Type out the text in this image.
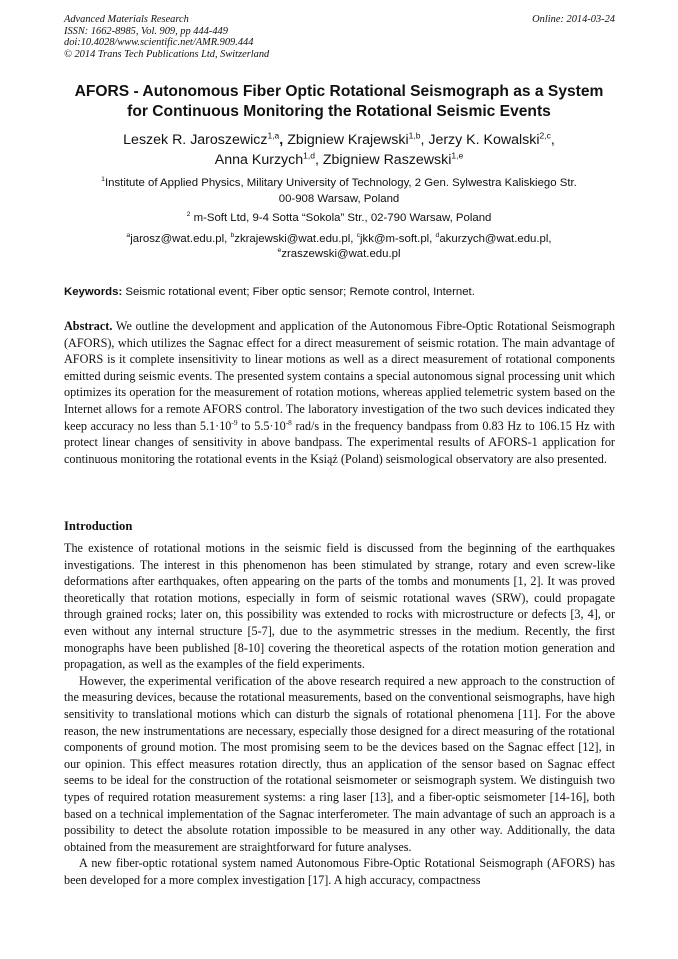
Advanced Materials Research
ISSN: 1662-8985, Vol. 909, pp 444-449
doi:10.4028/www.scientific.net/AMR.909.444
© 2014 Trans Tech Publications Ltd, Switzerland
Online: 2014-03-24
AFORS - Autonomous Fiber Optic Rotational Seismograph as a System
for Continuous Monitoring the Rotational Seismic Events
Leszek R. Jaroszewicz$^{1,a}$, Zbigniew Krajewski$^{1,b}$, Jerzy K. Kowalski$^{2,c}$,
Anna Kurzych$^{1,d}$, Zbigniew Raszewski$^{1,e}$
$^1$Institute of Applied Physics, Military University of Technology, 2 Gen. Sylwestra Kaliskiego Str.
00-908 Warsaw, Poland
$^2$ m-Soft Ltd, 9-4 Sotta “Sokola” Str., 02-790 Warsaw, Poland
$^a$jarosz@wat.edu.pl, $^b$zkrajewski@wat.edu.pl, $^c$jkk@m-soft.pl, $^d$akurzych@wat.edu.pl,
$^e$zraszewski@wat.edu.pl
Keywords: Seismic rotational event; Fiber optic sensor; Remote control, Internet.
Abstract. We outline the development and application of the Autonomous Fibre-Optic Rotational Seismograph (AFORS), which utilizes the Sagnac effect for a direct measurement of seismic rotation. The main advantage of AFORS is it complete insensitivity to linear motions as well as a direct measurement of rotational components emitted during seismic events. The presented system contains a special autonomous signal processing unit which optimizes its operation for the measurement of rotation motions, whereas applied telemetric system based on the Internet allows for a remote AFORS control. The laboratory investigation of the two such devices indicated they keep accuracy no less than $5.1\cdot 10^{-9}$ to $5.5\cdot 10^{-8}$ rad/s in the frequency bandpass from 0.83 Hz to 106.15 Hz with protect linear changes of sensitivity in above bandpass. The experimental results of AFORS-1 application for continuous monitoring the rotational events in the Książ (Poland) seismological observatory are also presented.
Introduction

The existence of rotational motions in the seismic field is discussed from the beginning of the earthquakes investigations. The interest in this phenomenon has been stimulated by strange, rotary and even screw-like deformations after earthquakes, often appearing on the parts of the tombs and monuments [1, 2]. It was proved theoretically that rotation motions, especially in form of seismic rotational waves (SRW), could propagate through grained rocks; later on, this possibility was extended to rocks with microstructure or defects [3, 4], or even without any internal structure [5-7], due to the asymmetric stresses in the medium. Recently, the first monographs have been published [8-10] covering the theoretical aspects of the rotation motion generation and propagation, as well as the examples of the field experiments.

However, the experimental verification of the above research required a new approach to the construction of the measuring devices, because the rotational measurements, based on the conventional seismographs, have high sensitivity to translational motions which can disturb the signals of rotational phenomena [11]. For the above reason, the new instrumentations are necessary, especially those designed for a direct measuring of the rotational components of ground motion. The most promising seem to be the devices based on the Sagnac effect [12], in our opinion. This effect measures rotation directly, thus an application of the sensor based on Sagnac effect seems to be ideal for the construction of the rotational seismometer or seismograph system. We distinguish two types of required rotation measurement systems: a ring laser [13], and a fiber-optic seismometer [14-16], both based on a technical implementation of the Sagnac interferometer. The main advantage of such an approach is a possibility to detect the absolute rotation impossible to be measured in any other way. Additionally, the data obtained from the measurement are straightforward for future analyses.

A new fiber-optic rotational system named Autonomous Fibre-Optic Rotational Seismograph (AFORS) has been developed for a more complex investigation [17]. A high accuracy, compactness
